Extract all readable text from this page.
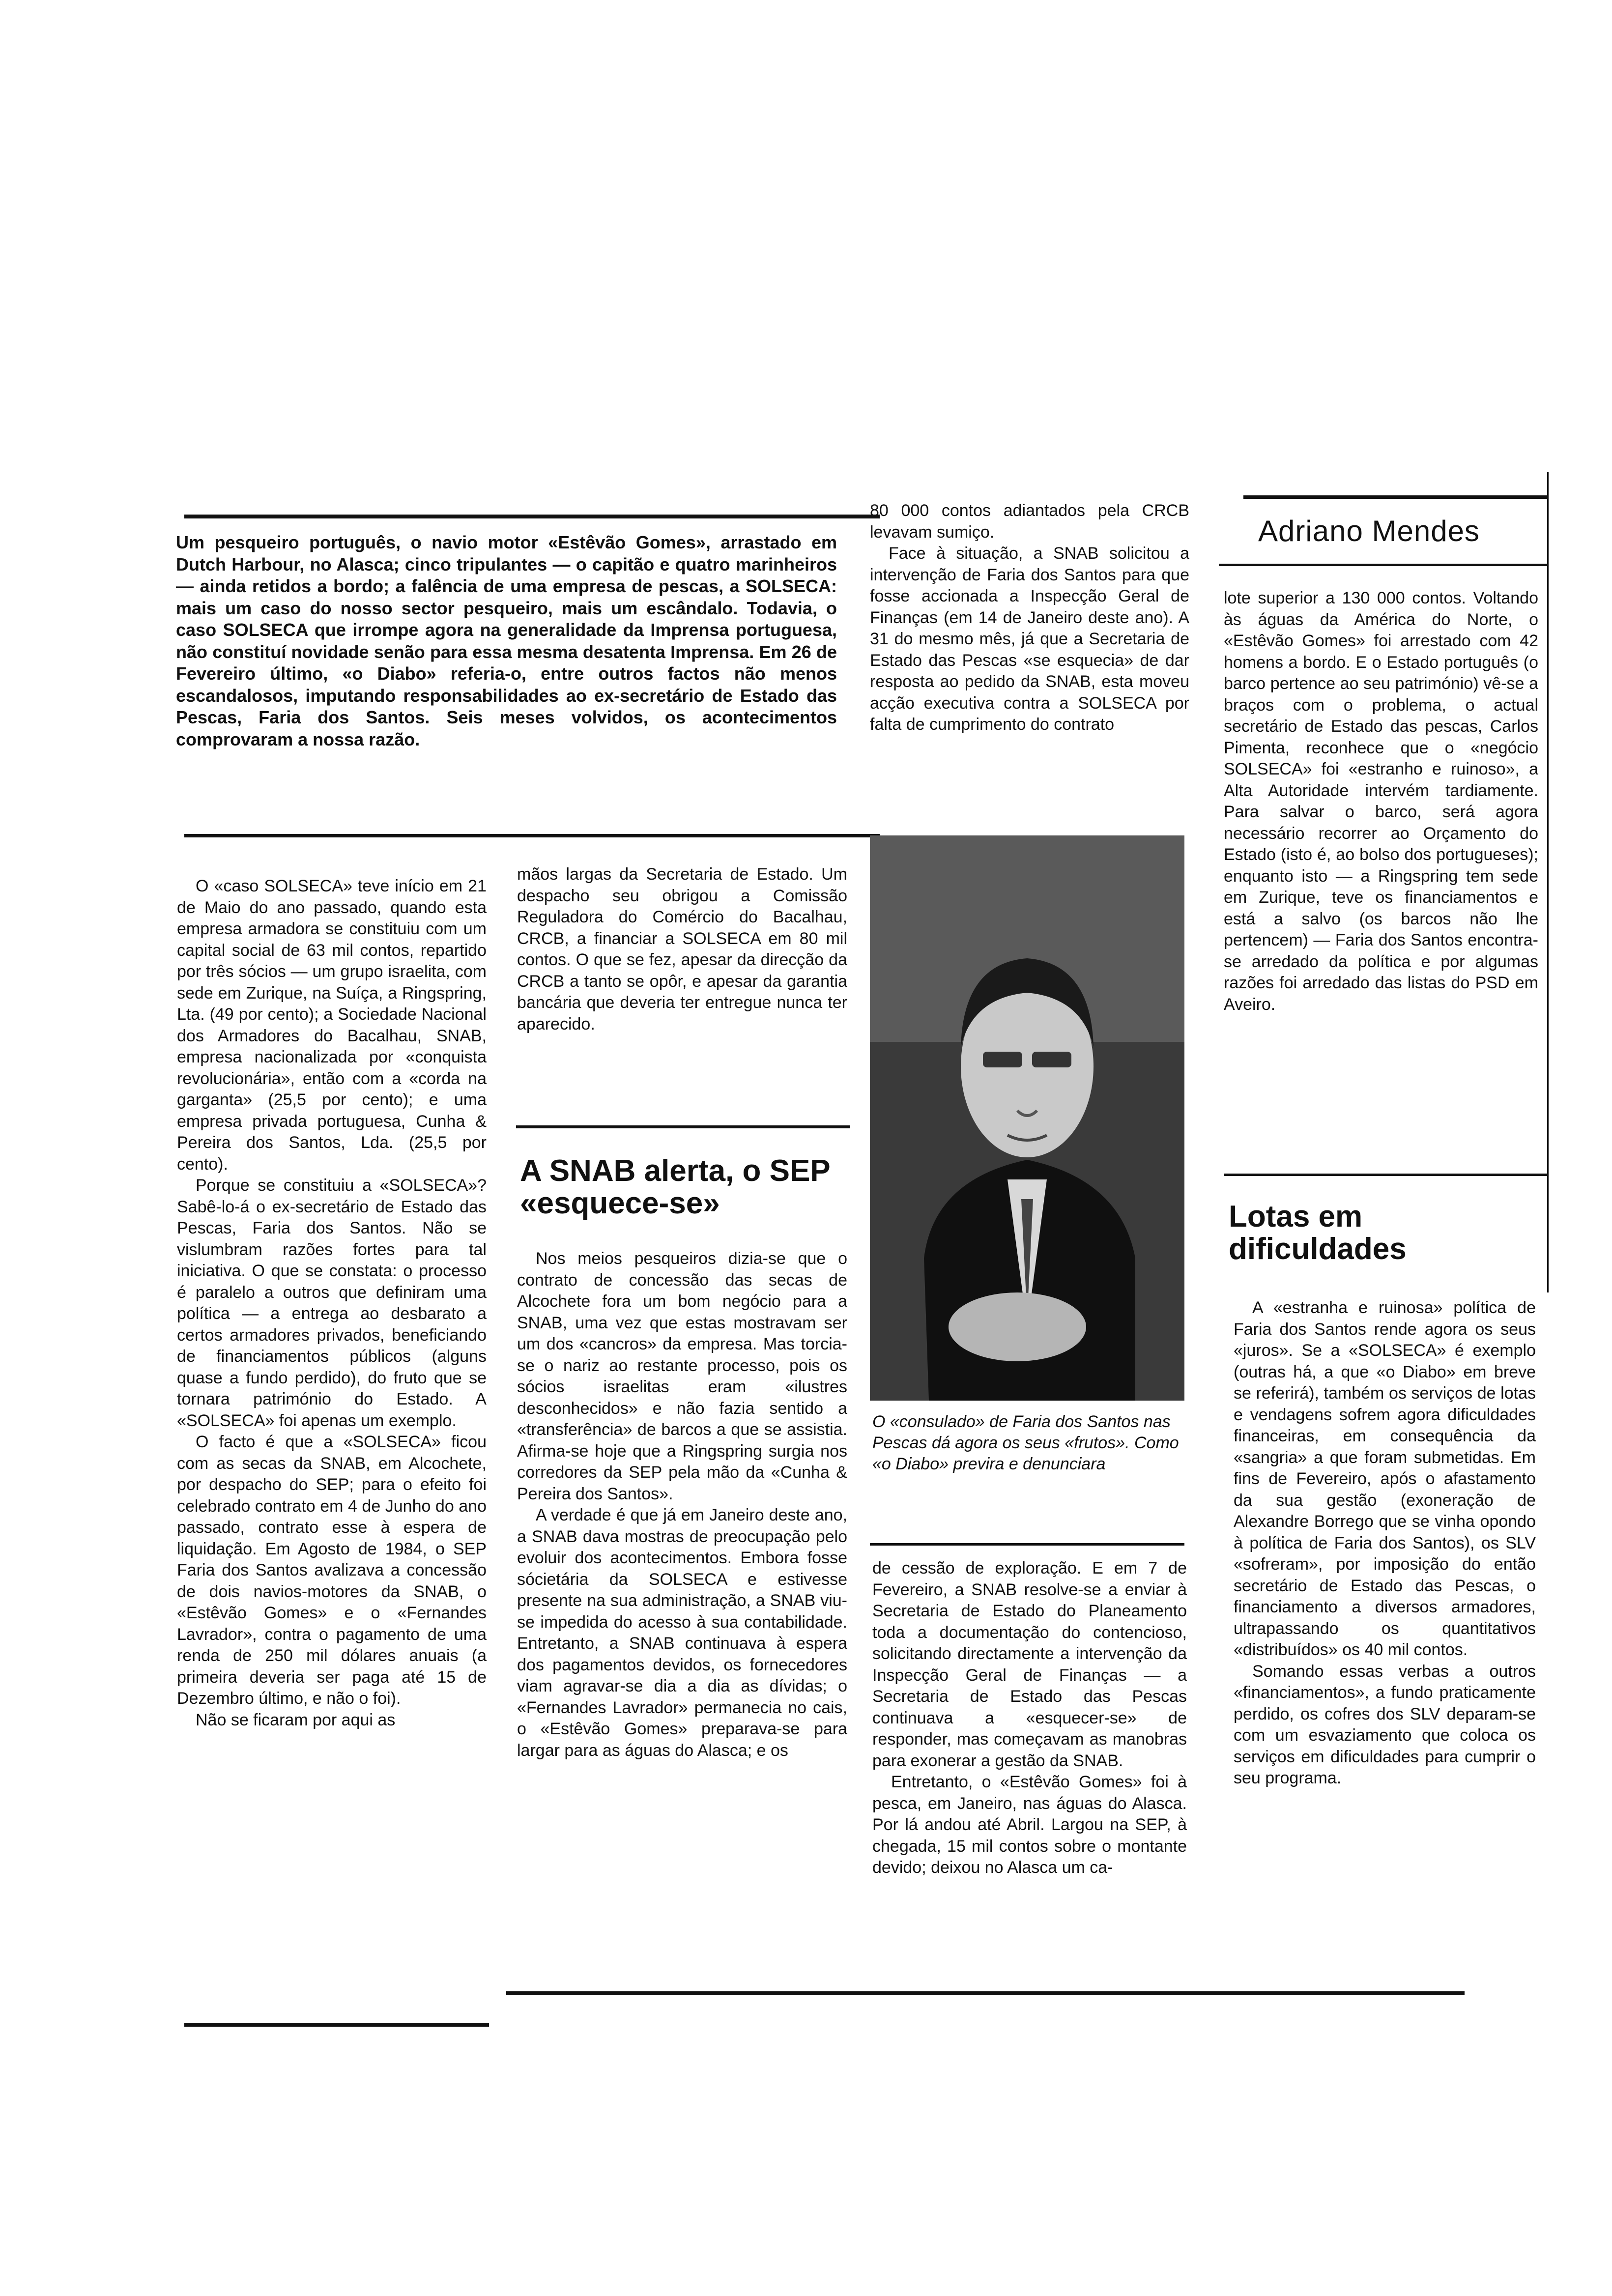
Um pesqueiro português, o navio motor «Estêvão Gomes», arrastado em Dutch Harbour, no Alasca; cinco tripulantes — o capitão e quatro marinheiros — ainda retidos a bordo; a falência de uma empresa de pescas, a SOLSECA: mais um caso do nosso sector pesqueiro, mais um escândalo. Todavia, o caso SOLSECA que irrompe agora na generalidade da Imprensa portuguesa, não constituí novidade senão para essa mesma desatenta Imprensa. Em 26 de Fevereiro último, «o Diabo» referia-o, entre outros factos não menos escandalosos, imputando responsabilidades ao ex-secretário de Estado das Pescas, Faria dos Santos. Seis meses volvidos, os acontecimentos comprovaram a nossa razão.

O «caso SOLSECA» teve início em 21 de Maio do ano passado, quando esta empresa armadora se constituiu com um capital social de 63 mil contos, repartido por três sócios — um grupo israelita, com sede em Zurique, na Suíça, a Ringspring, Lta. (49 por cento); a Sociedade Nacional dos Armadores do Bacalhau, SNAB, empresa nacionalizada por «conquista revolucionária», então com a «corda na garganta» (25,5 por cento); e uma empresa privada portuguesa, Cunha & Pereira dos Santos, Lda. (25,5 por cento).

Porque se constituiu a «SOLSECA»? Sabê-lo-á o ex-secretário de Estado das Pescas, Faria dos Santos. Não se vislumbram razões fortes para tal iniciativa. O que se constata: o processo é paralelo a outros que definiram uma política — a entrega ao desbarato a certos armadores privados, beneficiando de financiamentos públicos (alguns quase a fundo perdido), do fruto que se tornara património do Estado. A «SOLSECA» foi apenas um exemplo.

O facto é que a «SOLSECA» ficou com as secas da SNAB, em Alcochete, por despacho do SEP; para o efeito foi celebrado contrato em 4 de Junho do ano passado, contrato esse à espera de liquidação. Em Agosto de 1984, o SEP Faria dos Santos avalizava a concessão de dois navios-motores da SNAB, o «Estêvão Gomes» e o «Fernandes Lavrador», contra o pagamento de uma renda de 250 mil dólares anuais (a primeira deveria ser paga até 15 de Dezembro último, e não o foi).

Não se ficaram por aqui as

mãos largas da Secretaria de Estado. Um despacho seu obrigou a Comissão Reguladora do Comércio do Bacalhau, CRCB, a financiar a SOLSECA em 80 mil contos. O que se fez, apesar da direcção da CRCB a tanto se opôr, e apesar da garantia bancária que deveria ter entregue nunca ter aparecido.

A SNAB alerta, o SEP «esquece-se»

Nos meios pesqueiros dizia-se que o contrato de concessão das secas de Alcochete fora um bom negócio para a SNAB, uma vez que estas mostravam ser um dos «cancros» da empresa. Mas torcia-se o nariz ao restante processo, pois os sócios israelitas eram «ilustres desconhecidos» e não fazia sentido a «transferência» de barcos a que se assistia. Afirma-se hoje que a Ringspring surgia nos corredores da SEP pela mão da «Cunha & Pereira dos Santos».

A verdade é que já em Janeiro deste ano, a SNAB dava mostras de preocupação pelo evoluir dos acontecimentos. Embora fosse sócietária da SOLSECA e estivesse presente na sua administração, a SNAB viu-se impedida do acesso à sua contabilidade. Entretanto, a SNAB continuava à espera dos pagamentos devidos, os fornecedores viam agravar-se dia a dia as dívidas; o «Fernandes Lavrador» permanecia no cais, o «Estêvão Gomes» preparava-se para largar para as águas do Alasca; e os

80 000 contos adiantados pela CRCB levavam sumiço.

Face à situação, a SNAB solicitou a intervenção de Faria dos Santos para que fosse accionada a Inspecção Geral de Finanças (em 14 de Janeiro deste ano). A 31 do mesmo mês, já que a Secretaria de Estado das Pescas «se esquecia» de dar resposta ao pedido da SNAB, esta moveu acção executiva contra a SOLSECA por falta de cumprimento do contrato

O «consulado» de Faria dos Santos nas Pescas dá agora os seus «frutos». Como «o Diabo» previra e denunciara

de cessão de exploração. E em 7 de Fevereiro, a SNAB resolve-se a enviar à Secretaria de Estado do Planeamento toda a documentação do contencioso, solicitando directamente a intervenção da Inspecção Geral de Finanças — a Secretaria de Estado das Pescas continuava a «esquecer-se» de responder, mas começavam as manobras para exonerar a gestão da SNAB.

Entretanto, o «Estêvão Gomes» foi à pesca, em Janeiro, nas águas do Alasca. Por lá andou até Abril. Largou na SEP, à chegada, 15 mil contos sobre o montante devido; deixou no Alasca um ca-

Adriano Mendes

lote superior a 130 000 contos. Voltando às águas da América do Norte, o «Estêvão Gomes» foi arrestado com 42 homens a bordo. E o Estado português (o barco pertence ao seu património) vê-se a braços com o problema, o actual secretário de Estado das pescas, Carlos Pimenta, reconhece que o «negócio SOLSECA» foi «estranho e ruinoso», a Alta Autoridade intervém tardiamente. Para salvar o barco, será agora necessário recorrer ao Orçamento do Estado (isto é, ao bolso dos portugueses); enquanto isto — a Ringspring tem sede em Zurique, teve os financiamentos e está a salvo (os barcos não lhe pertencem) — Faria dos Santos encontra-se arredado da política e por algumas razões foi arredado das listas do PSD em Aveiro.

Lotas em dificuldades

A «estranha e ruinosa» política de Faria dos Santos rende agora os seus «juros». Se a «SOLSECA» é exemplo (outras há, a que «o Diabo» em breve se referirá), também os serviços de lotas e vendagens sofrem agora dificuldades financeiras, em consequência da «sangria» a que foram submetidas. Em fins de Fevereiro, após o afastamento da sua gestão (exoneração de Alexandre Borrego que se vinha opondo à política de Faria dos Santos), os SLV «sofreram», por imposição do então secretário de Estado das Pescas, o financiamento a diversos armadores, ultrapassando os quantitativos «distribuídos» os 40 mil contos.

Somando essas verbas a outros «financiamentos», a fundo praticamente perdido, os cofres dos SLV deparam-se com um esvaziamento que coloca os serviços em dificuldades para cumprir o seu programa.
